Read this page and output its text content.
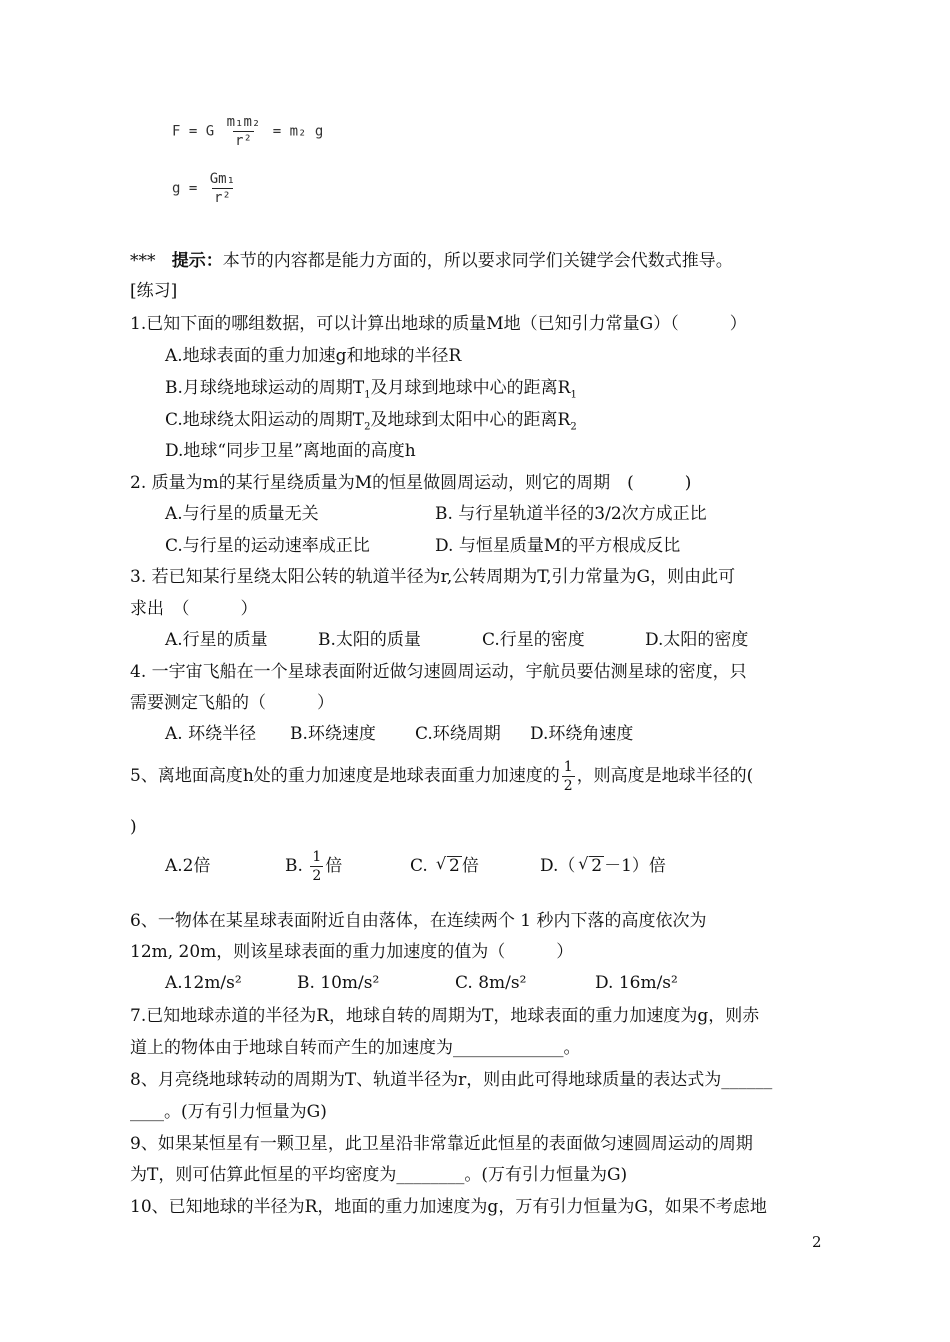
F = G $\frac{\text{m₁m₂}}{\text{r²}} = m_2$ g
$g = \frac{\text{Gm₁}}{\text{r²}}$
*** 提示：本节的内容都是能力方面的，所以要求同学们关键学会代数式推导。
[练习]
1.已知下面的哪组数据，可以计算出地球的质量M地（已知引力常量G）（　　　）
A.地球表面的重力加速g和地球的半径R
B.月球绕地球运动的周期$T_1$及月球到地球中心的距离$R_1$
C.地球绕太阳运动的周期$T_2$及地球到太阳中心的距离$R_2$
D.地球“同步卫星”离地面的高度h
2. 质量为m的某行星绕质量为M的恒星做圆周运动，则它的周期　(　　　)
A.与行星的质量无关	B. 与行星轨道半径的3/2次方成正比
C.与行星的运动速率成正比	D. 与恒星质量M的平方根成反比
3. 若已知某行星绕太阳公转的轨道半径为r,公转周期为T,引力常量为G，则由此可
求出　（　　　）
A.行星的质量	B.太阳的质量	C.行星的密度	D.太阳的密度
4. 一宇宙飞船在一个星球表面附近做匀速圆周运动，宇航员要估测星球的密度，只
需要测定飞船的（　　　）
A. 环绕半径 B.环绕速度 C.环绕周期 D.环绕角速度
5、离地面高度h处的重力加速度是地球表面重力加速度的 $\frac{1}{2}$ ，则高度是地球半径的(
)
A.2倍	B. $\frac{1}{2}$ 倍	C. √ 2 倍	D.（ √ 2 －1）倍
6、一物体在某星球表面附近自由落体，在连续两个 1 秒内下落的高度依次为
12m, 20m，则该星球表面的重力加速度的值为（　　　）
A.12m/s²	B. 10m/s²	C. 8m/s²	D. 16m/s²
7.已知地球赤道的半径为R，地球自转的周期为T，地球表面的重力加速度为g，则赤
道上的物体由于地球自转而产生的加速度为_____________。
8、月亮绕地球转动的周期为T、轨道半径为r，则由此可得地球质量的表达式为______
____。(万有引力恒量为G)
9、如果某恒星有一颗卫星，此卫星沿非常靠近此恒星的表面做匀速圆周运动的周期
为T，则可估算此恒星的平均密度为________。(万有引力恒量为G)
10、已知地球的半径为R，地面的重力加速度为g，万有引力恒量为G，如果不考虑地
2
